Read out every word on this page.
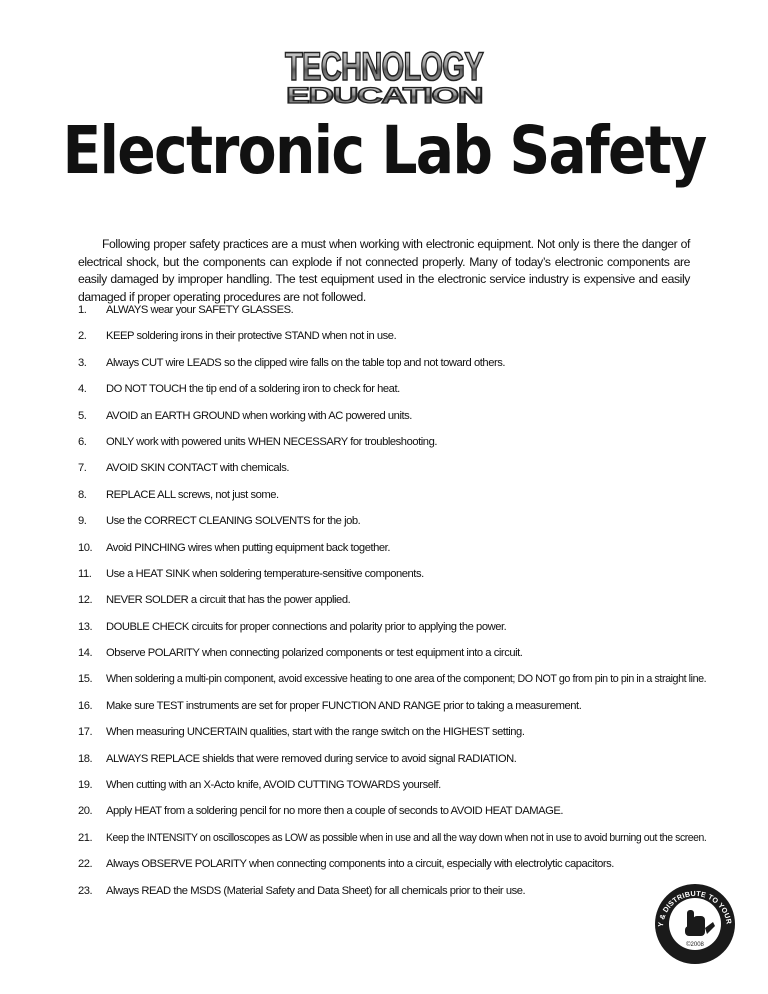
TECHNOLOGY
EDUCATION
Electronic Lab Safety
Following proper safety practices are a must when working with electronic equipment. Not only is there the danger of electrical shock, but the components can explode if not connected properly. Many of today’s electronic components are easily damaged by improper handling. The test equipment used in the electronic service industry is expensive and easily damaged if proper operating procedures are not followed.
1.	ALWAYS wear your SAFETY GLASSES.
2.	KEEP soldering irons in their protective STAND when not in use.
3.	Always CUT wire LEADS so the clipped wire falls on the table top and not toward others.
4.	DO NOT TOUCH the tip end of a soldering iron to check for heat.
5.	AVOID an EARTH GROUND when working with AC powered units.
6.	ONLY work with powered units WHEN NECESSARY for troubleshooting.
7.	AVOID SKIN CONTACT with chemicals.
8.	REPLACE ALL screws, not just some.
9.	Use the CORRECT CLEANING SOLVENTS for the job.
10.	Avoid PINCHING wires when putting equipment back together.
11.	Use a HEAT SINK when soldering temperature-sensitive components.
12.	NEVER SOLDER a circuit that has the power applied.
13.	DOUBLE CHECK circuits for proper connections and polarity prior to applying the power.
14.	Observe POLARITY when connecting polarized components or test equipment into a circuit.
15.	When soldering a multi-pin component, avoid excessive heating to one area of the component; DO NOT go from pin to pin in a straight line.
16.	Make sure TEST instruments are set for proper FUNCTION AND RANGE prior to taking a measurement.
17.	When measuring UNCERTAIN qualities, start with the range switch on the HIGHEST setting.
18.	ALWAYS REPLACE shields that were removed during service to avoid signal RADIATION.
19.	When cutting with an X-Acto knife, AVOID CUTTING TOWARDS yourself.
20.	Apply HEAT from a soldering pencil for no more then a couple of seconds to AVOID HEAT DAMAGE.
21.	Keep the INTENSITY on oscilloscopes as LOW as possible when in use and all the way down when not in use to avoid burning out the screen.
22.	Always OBSERVE POLARITY when connecting components into a circuit, especially with electrolytic capacitors.
23.	Always READ the MSDS (Material Safety and Data Sheet) for all chemicals prior to their use.
Y & DISTRIBUTE TO YOUR
©2008
